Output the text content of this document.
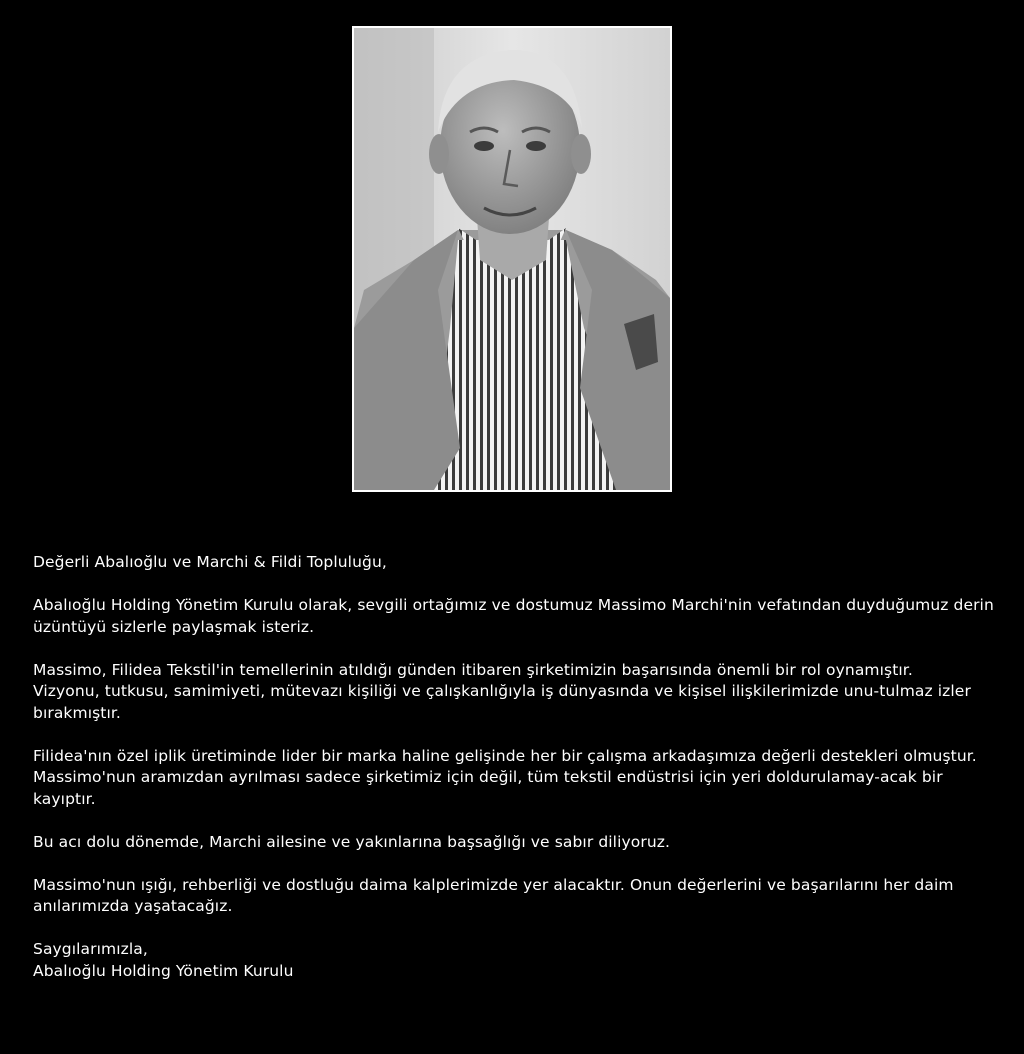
Değerli Abalıoğlu ve Marchi & Fildi Topluluğu,

Abalıoğlu Holding Yönetim Kurulu olarak, sevgili ortağımız ve dostumuz Massimo Marchi'nin vefatından duyduğumuz derin üzüntüyü sizlerle paylaşmak isteriz.

Massimo, Filidea Tekstil'in temellerinin atıldığı günden itibaren şirketimizin başarısında önemli bir rol oynamıştır.

Vizyonu, tutkusu, samimiyeti, mütevazı kişiliği ve çalışkanlığıyla iş dünyasında ve kişisel ilişkilerimizde unu-tulmaz izler bırakmıştır.

Filidea'nın özel iplik üretiminde lider bir marka haline gelişinde her bir çalışma arkadaşımıza değerli destekleri olmuştur.

Massimo'nun aramızdan ayrılması sadece şirketimiz için değil, tüm tekstil endüstrisi için yeri doldurulamay-acak bir kayıptır.

Bu acı dolu dönemde, Marchi ailesine ve yakınlarına başsağlığı ve sabır diliyoruz.

Massimo'nun ışığı, rehberliği ve dostluğu daima kalplerimizde yer alacaktır. Onun değerlerini ve başarılarını her daim anılarımızda yaşatacağız.

Saygılarımızla,

Abalıoğlu Holding Yönetim Kurulu
